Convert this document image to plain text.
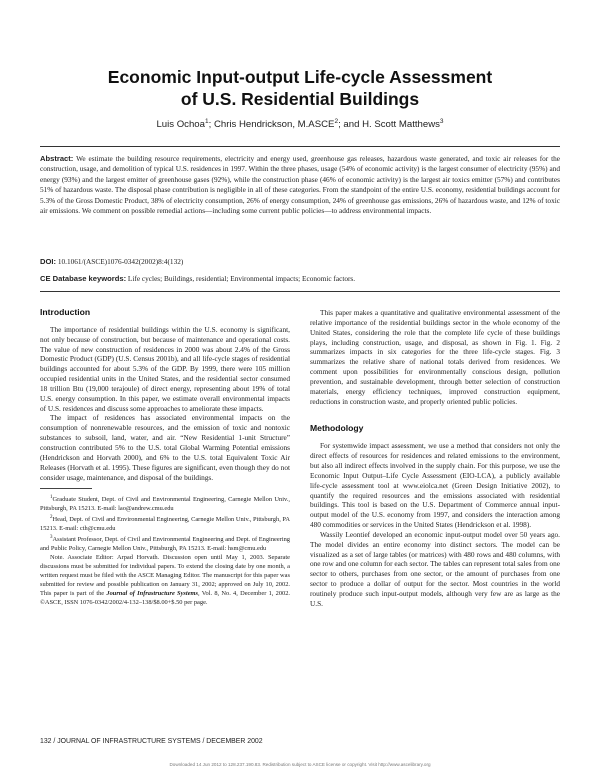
Economic Input-output Life-cycle Assessment
of U.S. Residential Buildings
Luis Ochoa$^1$; Chris Hendrickson, M.ASCE$^2$; and H. Scott Matthews$^3$
Abstract: We estimate the building resource requirements, electricity and energy used, greenhouse gas releases, hazardous waste generated, and toxic air releases for the construction, usage, and demolition of typical U.S. residences in 1997. Within the three phases, usage (54% of economic activity) is the largest consumer of electricity (95%) and energy (93%) and the largest emitter of greenhouse gases (92%), while the construction phase (46% of economic activity) is the largest air toxics emitter (57%) and contributes 51% of hazardous waste. The disposal phase contribution is negligible in all of these categories. From the standpoint of the entire U.S. economy, residential buildings account for 5.3% of the Gross Domestic Product, 38% of electricity consumption, 26% of energy consumption, 24% of greenhouse gas emissions, 26% of hazardous waste, and 12% of toxic air emissions. We comment on possible remedial actions—including some current public policies—to address environmental impacts.
DOI: 10.1061/(ASCE)1076-0342(2002)8:4(132)
CE Database keywords: Life cycles; Buildings, residential; Environmental impacts; Economic factors.
Introduction

The importance of residential buildings within the U.S. economy is significant, not only because of construction, but because of maintenance and operational costs. The value of new construction of residences in 2000 was about 2.4% of the Gross Domestic Product (GDP) (U.S. Census 2001b), and all life-cycle stages of residential buildings accounted for about 5.3% of the GDP. By 1999, there were 105 million occupied residential units in the United States, and the residential sector consumed 18 trillion Btu (19,000 terajoule) of direct energy, representing about 19% of total U.S. energy consumption. In this paper, we estimate overall environmental impacts of U.S. residences and discuss some approaches to ameliorate these impacts.

The impact of residences has associated environmental impacts on the consumption of nonrenewable resources, and the emission of toxic and nontoxic substances to subsoil, land, water, and air. “New Residential 1-unit Structure” construction contributed 5% to the U.S. total Global Warming Potential emissions (Hendrickson and Horvath 2000), and 6% to the U.S. total Equivalent Toxic Air Releases (Horvath et al. 1995). These figures are significant, even though they do not consider usage, maintenance, and disposal of the buildings.

$^1$Graduate Student, Dept. of Civil and Environmental Engineering, Carnegie Mellon Univ., Pittsburgh, PA 15213. E-mail: lao@andrew.cmu.edu

$^2$Head, Dept. of Civil and Environmental Engineering, Carnegie Mellon Univ., Pittsburgh, PA 15213. E-mail: cth@cmu.edu

$^3$Assistant Professor, Dept. of Civil and Environmental Engineering and Dept. of Engineering and Public Policy, Carnegie Mellon Univ., Pittsburgh, PA 15213. E-mail: hsm@cmu.edu

Note. Associate Editor: Arpad Horvath. Discussion open until May 1, 2003. Separate discussions must be submitted for individual papers. To extend the closing date by one month, a written request must be filed with the ASCE Managing Editor. The manuscript for this paper was submitted for review and possible publication on January 31, 2002; approved on July 10, 2002. This paper is part of the Journal of Infrastructure Systems, Vol. 8, No. 4, December 1, 2002. ©ASCE, ISSN 1076-0342/2002/4-132–138/$8.00+$.50 per page.

This paper makes a quantitative and qualitative environmental assessment of the relative importance of the residential buildings sector in the whole economy of the United States, considering the role that the complete life cycle of these buildings plays, including construction, usage, and disposal, as shown in Fig. 1. Fig. 2 summarizes impacts in six categories for the three life-cycle stages. Fig. 3 summarizes the relative share of national totals derived from residences. We comment upon possibilities for environmentally conscious design, pollution prevention, and sustainable development, through better selection of construction materials, energy efficiency techniques, improved construction equipment, reductions in construction waste, and properly oriented public policies.

Methodology

For systemwide impact assessment, we use a method that considers not only the direct effects of resources for residences and related emissions to the environment, but also all indirect effects involved in the supply chain. For this purpose, we use the Economic Input Output–Life Cycle Assessment (EIO-LCA), a publicly available life-cycle assessment tool at www.eiolca.net (Green Design Initiative 2002), to quantify the required resources and the emissions associated with residential buildings. This tool is based on the U.S. Department of Commerce annual input-output model of the U.S. economy from 1997, and considers the interaction among 480 commodities or services in the United States (Hendrickson et al. 1998).

Wassily Leontief developed an economic input-output model over 50 years ago. The model divides an entire economy into distinct sectors. The model can be visualized as a set of large tables (or matrices) with 480 rows and 480 columns, with one row and one column for each sector. The tables can represent total sales from one sector to others, purchases from one sector, or the amount of purchases from one sector to produce a dollar of output for the sector. Most countries in the world routinely produce such input-output models, although very few are as large as the U.S.

132 / JOURNAL OF INFRASTRUCTURE SYSTEMS / DECEMBER 2002
Downloaded 14 Jun 2012 to 128.237.190.83. Redistribution subject to ASCE license or copyright. Visit http://www.ascelibrary.org
